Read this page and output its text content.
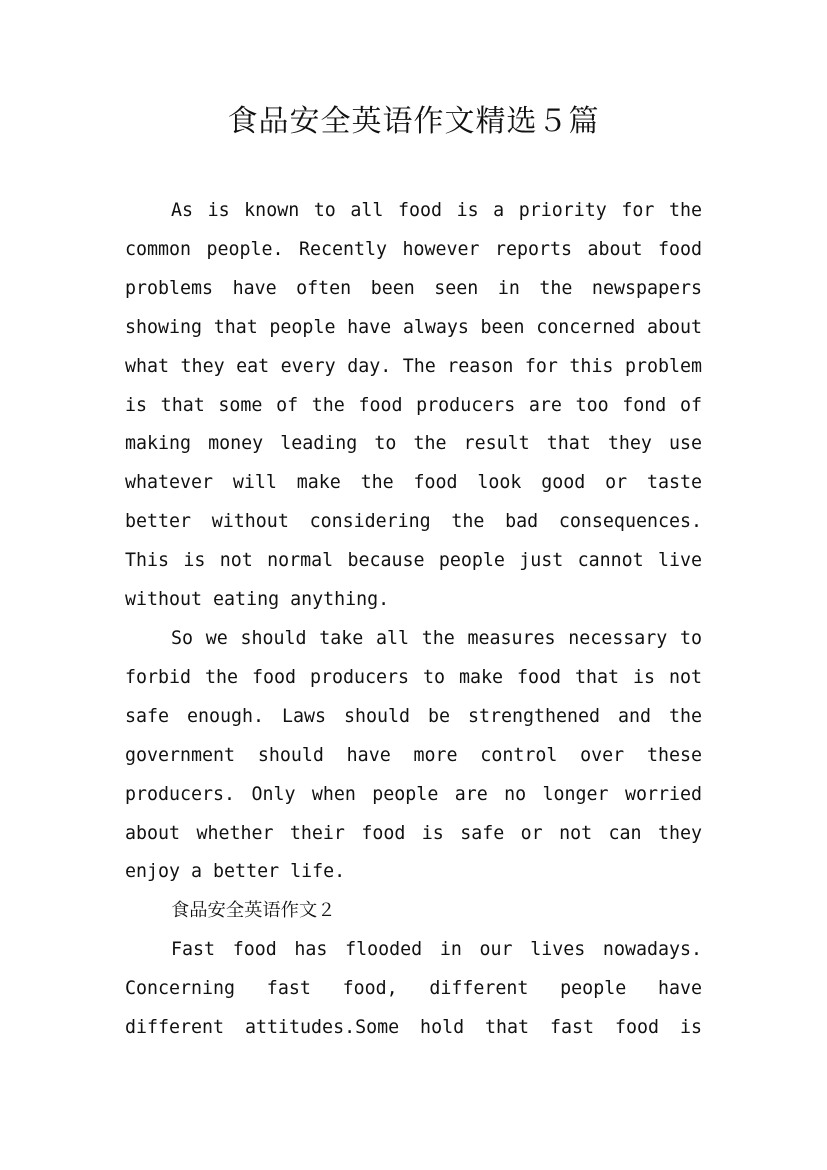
食品安全英语作文精选５篇

As is known to all food is a priority for the common people. Recently however reports about food problems have often been seen in the newspapers showing that people have always been concerned about what they eat every day. The reason for this problem is that some of the food producers are too fond of making money leading to the result that they use whatever will make the food look good or taste better without considering the bad consequences. This is not normal because people just cannot live without eating anything.

So we should take all the measures necessary to forbid the food producers to make food that is not safe enough. Laws should be strengthened and the government should have more control over these producers. Only when people are no longer worried about whether their food is safe or not can they enjoy a better life.

食品安全英语作文２

Fast food has flooded in our lives nowadays. Concerning fast food, different people have different attitudes.Some hold that fast food is
